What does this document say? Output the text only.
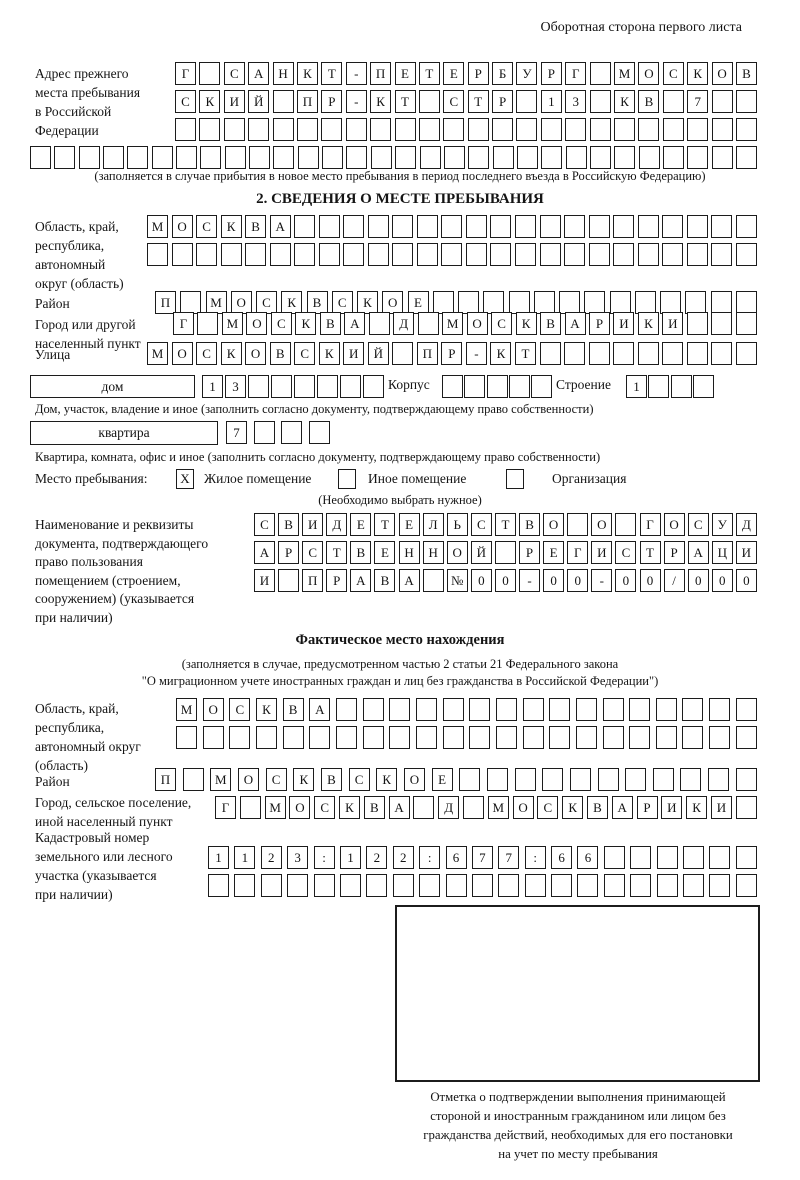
Оборотная сторона первого листа
Адрес прежнего
места пребывания
в Российской
Федерации
Г	С	А	Н	К	Т	-	П	Е	Т	Е	Р	Б	У	Р	Г	М	О	С	К	О	В
С	К	И	Й	П	Р	-	К	Т	С	Т	Р	1	3	К	В	7
(заполняется в случае прибытия в новое место пребывания в период последнего въезда в Российскую Федерацию)
2. СВЕДЕНИЯ О МЕСТЕ ПРЕБЫВАНИЯ
Область, край,
республика,
автономный
округ (область)
М	О	С	К	В	А
Район	П	М	О	С	К	В	С	К	О	Е
Город или другой
населенный пункт
Г	М	О	С	К	В	А	Д	М	О	С	К	В	А	Р	И	К	И
Улица	М	О	С	К	О	В	С	К	И	Й	П	Р	-	К	Т
дом	1	3	Корпус	Строение	1
Дом, участок, владение и иное (заполнить согласно документу, подтверждающему право собственности)
квартира	7
Квартира, комната, офис и иное (заполнить согласно документу, подтверждающему право собственности)
Место пребывания:	X	Жилое помещение	Иное помещение	Организация
(Необходимо выбрать нужное)
Наименование и реквизиты
документа, подтверждающего
право пользования
помещением (строением,
сооружением) (указывается
при наличии)
С	В	И	Д	Е	Т	Е	Л	Ь	С	Т	В	О	О	Г	О	С	У	Д
А	Р	С	Т	В	Е	Н	Н	О	Й	Р	Е	Г	И	С	Т	Р	А	Ц	И
И	П	Р	А	В	А	№	0	0	-	0	0	-	0	0	/	0	0	0
Фактическое место нахождения
(заполняется в случае, предусмотренном частью 2 статьи 21 Федерального закона
"О миграционном учете иностранных граждан и лиц без гражданства в Российской Федерации")
Область, край,
республика,
автономный округ
(область)
М	О	С	К	В	А
Район	П	М	О	С	К	В	С	К	О	Е
Город, сельское поселение,
иной населенный пункт
Г	М	О	С	К	В	А	Д	М	О	С	К	В	А	Р	И	К	И
Кадастровый номер
земельного или лесного
участка (указывается
при наличии)
1	1	2	3	:	1	2	2	:	6	7	7	:	6	6
Отметка о подтверждении выполнения принимающей
стороной и иностранным гражданином или лицом без
гражданства действий, необходимых для его постановки
на учет по месту пребывания
